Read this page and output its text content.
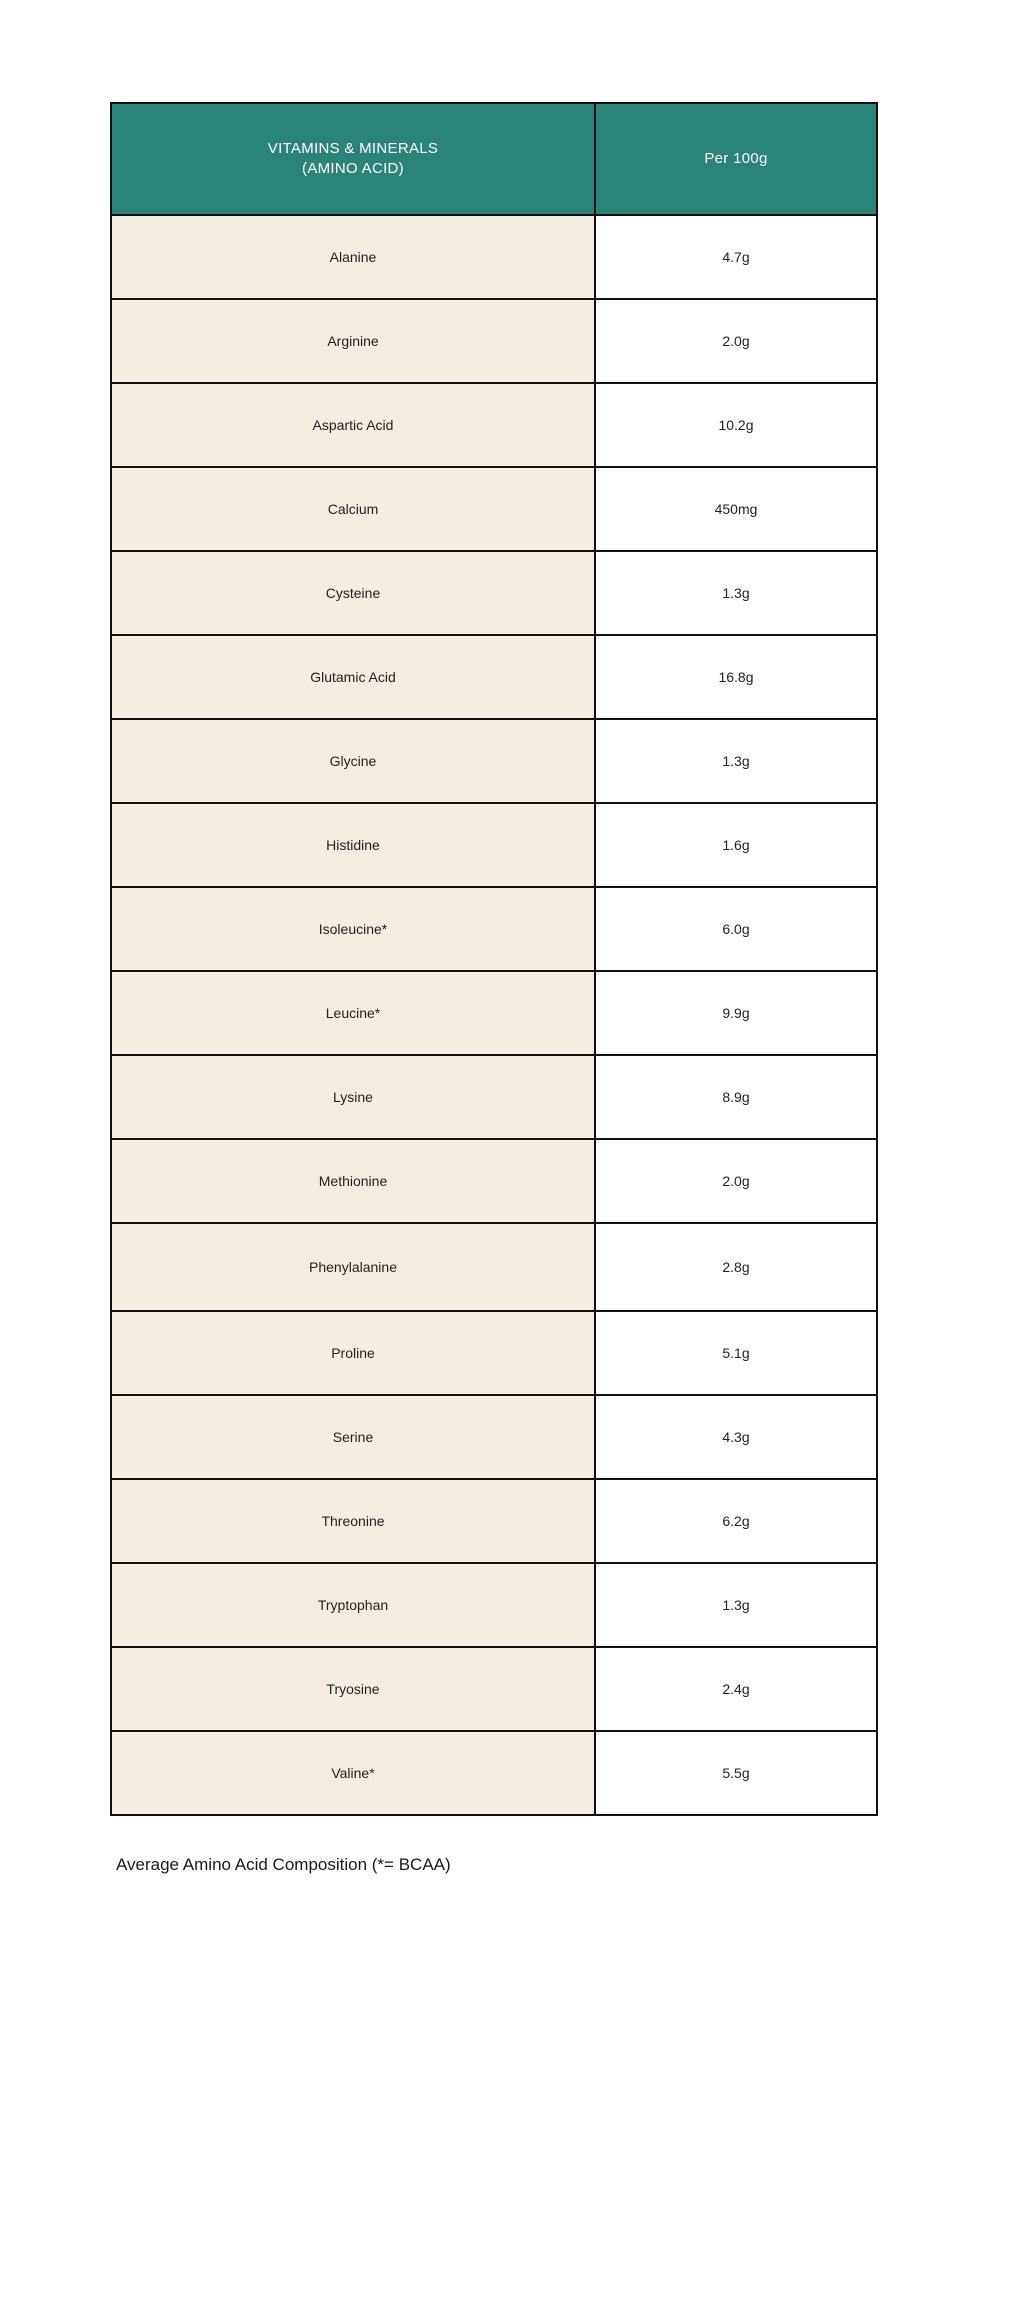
VITAMINS & MINERALS
(AMINO ACID)	Per 100g
Alanine	4.7g
Arginine	2.0g
Aspartic Acid	10.2g
Calcium	450mg
Cysteine	1.3g
Glutamic Acid	16.8g
Glycine	1.3g
Histidine	1.6g
Isoleucine*	6.0g
Leucine*	9.9g
Lysine	8.9g
Methionine	2.0g
Phenylalanine	2.8g
Proline	5.1g
Serine	4.3g
Threonine	6.2g
Tryptophan	1.3g
Tryosine	2.4g
Valine*	5.5g

Average Amino Acid Composition (*= BCAA)
